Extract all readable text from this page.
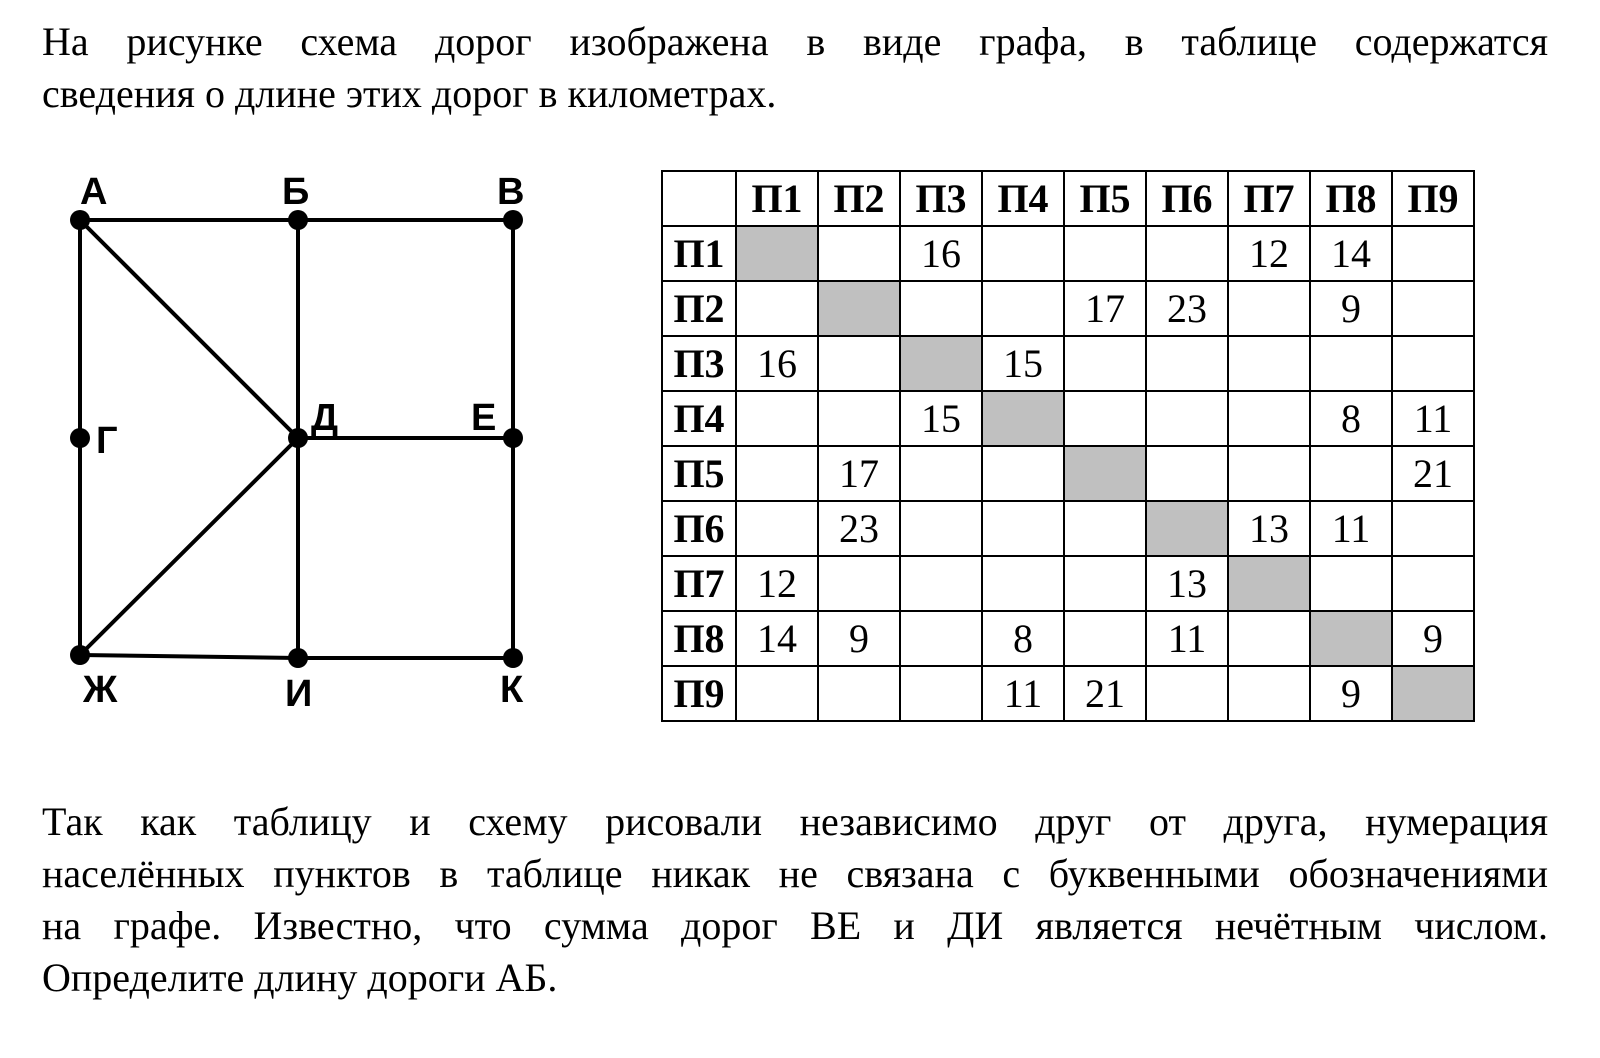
На рисунке схема дорог изображена в виде графа, в таблице содержатся
сведения о длине этих дорог в километрах.
А	Б	В
Г
Д	Е
Ж	И	К
	П1	П2	П3	П4	П5	П6	П7	П8	П9
П1			16				12	14	
П2					17	23		9	
П3	16			15					
П4			15					8	11
П5		17							21
П6		23					13	11	
П7	12					13			
П8	14	9		8		11			9
П9				11	21			9	
Так как таблицу и схему рисовали независимо друг от друга, нумерация
населённых пунктов в таблице никак не связана с буквенными обозначениями
на графе. Известно, что сумма дорог ВЕ и ДИ является нечётным числом.
Определите длину дороги АБ.
